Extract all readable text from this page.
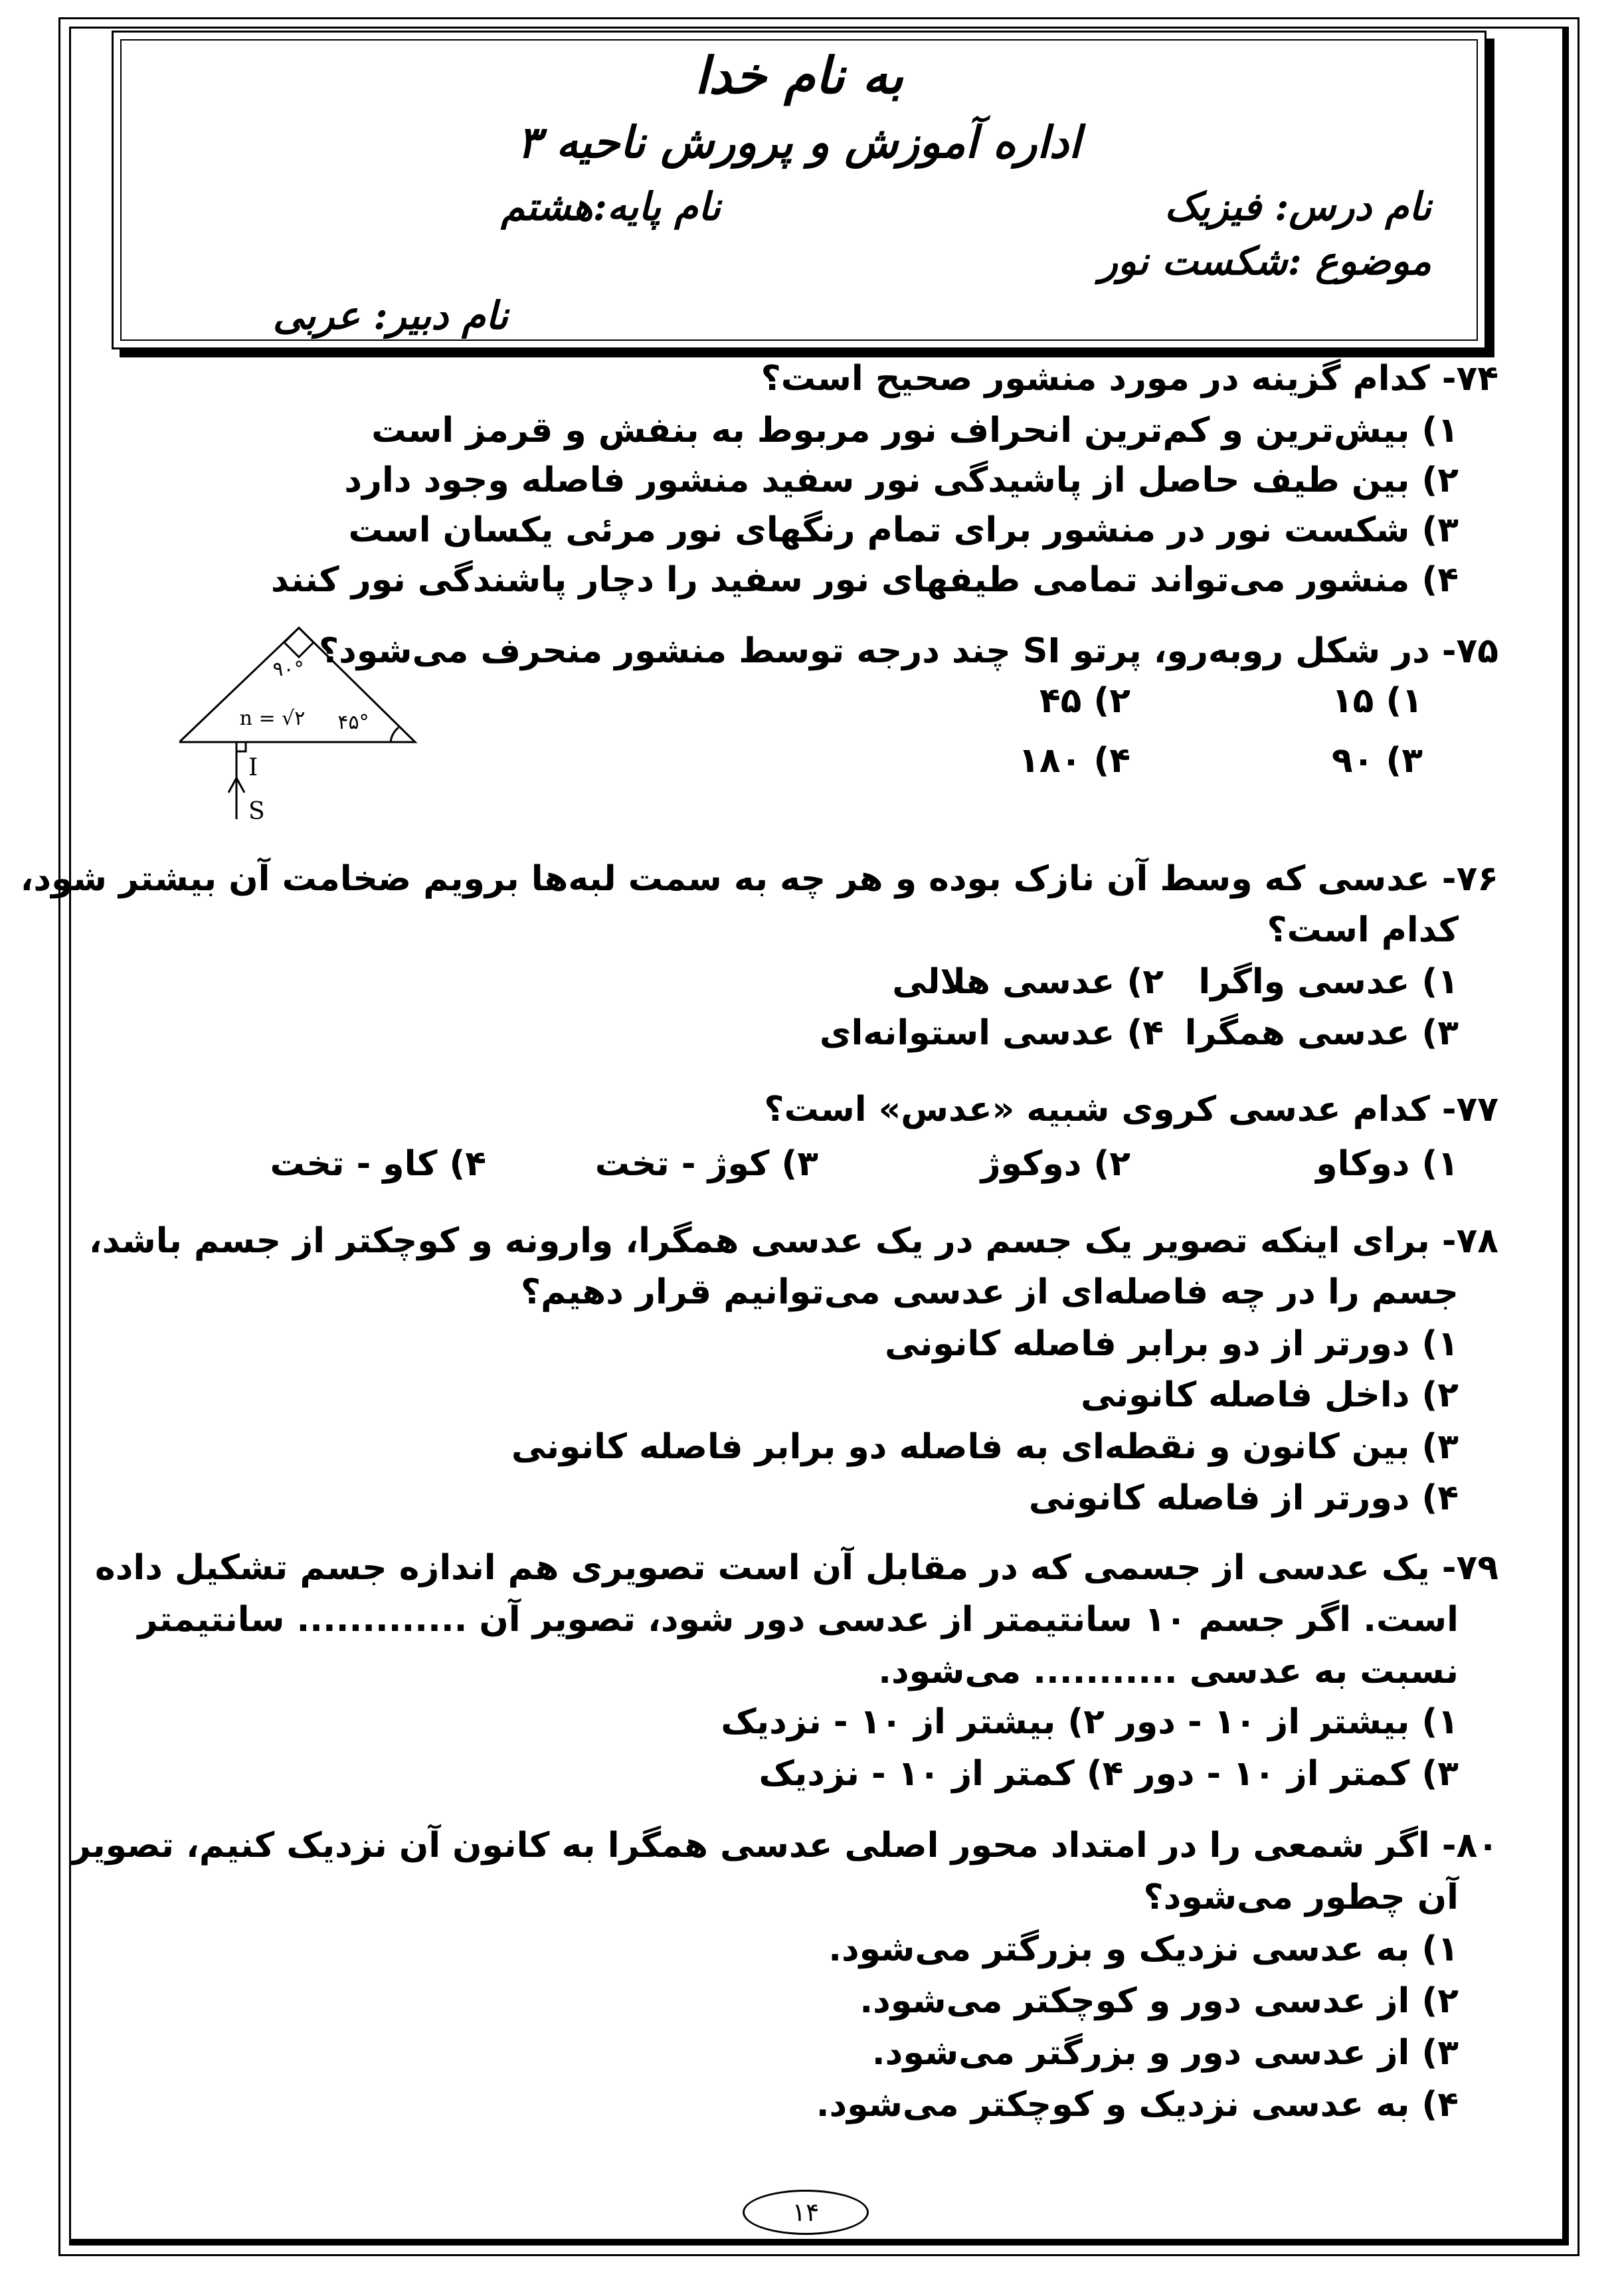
به نام خدا
اداره آموزش و پرورش ناحیه ۳
نام درس: فیزیک
نام پایه:هشتم
موضوع :شکست نور
نام دبیر: عربی
۷۴- کدام گزینه در مورد منشور صحیح است؟
۱) بیش‌ترین و کم‌ترین انحراف نور مربوط به بنفش و قرمز است
۲) بین طیف حاصل از پاشیدگی نور سفید منشور فاصله وجود دارد
۳) شکست نور در منشور برای تمام رنگهای نور مرئی یکسان است
۴) منشور می‌تواند تمامی طیفهای نور سفید را دچار پاشندگی نور کنند
۷۵- در شکل روبه‌رو، پرتو SI چند درجه توسط منشور منحرف می‌شود؟
۱) ۱۵
۲) ۴۵
۳) ۹۰
۴) ۱۸۰
۹۰°
n = √۲ ۴۵°
I
S
۷۶- عدسی که وسط آن نازک بوده و هر چه به سمت لبه‌ها برویم ضخامت آن بیشتر شود،
کدام است؟
۱) عدسی واگرا
۲) عدسی هلالی
۳) عدسی همگرا
۴) عدسی استوانه‌ای
۷۷- کدام عدسی کروی شبیه «عدس» است؟
۱) دوکاو
۲) دوکوژ
۳) کوژ - تخت
۴) کاو - تخت
۷۸- برای اینکه تصویر یک جسم در یک عدسی همگرا، وارونه و کوچکتر از جسم باشد،
جسم را در چه فاصله‌ای از عدسی می‌توانیم قرار دهیم؟
۱) دورتر از دو برابر فاصله کانونی
۲) داخل فاصله کانونی
۳) بین کانون و نقطه‌ای به فاصله دو برابر فاصله کانونی
۴) دورتر از فاصله کانونی
۷۹- یک عدسی از جسمی که در مقابل آن است تصویری هم اندازه جسم تشکیل داده
است. اگر جسم ۱۰ سانتیمتر از عدسی دور شود، تصویر آن ............. سانتیمتر
نسبت به عدسی ........... می‌شود.
۱) بیشتر از ۱۰ - دور ۲) بیشتر از ۱۰ - نزدیک
۳) کمتر از ۱۰ - دور ۴) کمتر از ۱۰ - نزدیک
۸۰- اگر شمعی را در امتداد محور اصلی عدسی همگرا به کانون آن نزدیک کنیم، تصویر
آن چطور می‌شود؟
۱) به عدسی نزدیک و بزرگتر می‌شود.
۲) از عدسی دور و کوچکتر می‌شود.
۳) از عدسی دور و بزرگتر می‌شود.
۴) به عدسی نزدیک و کوچکتر می‌شود.
۱۴
